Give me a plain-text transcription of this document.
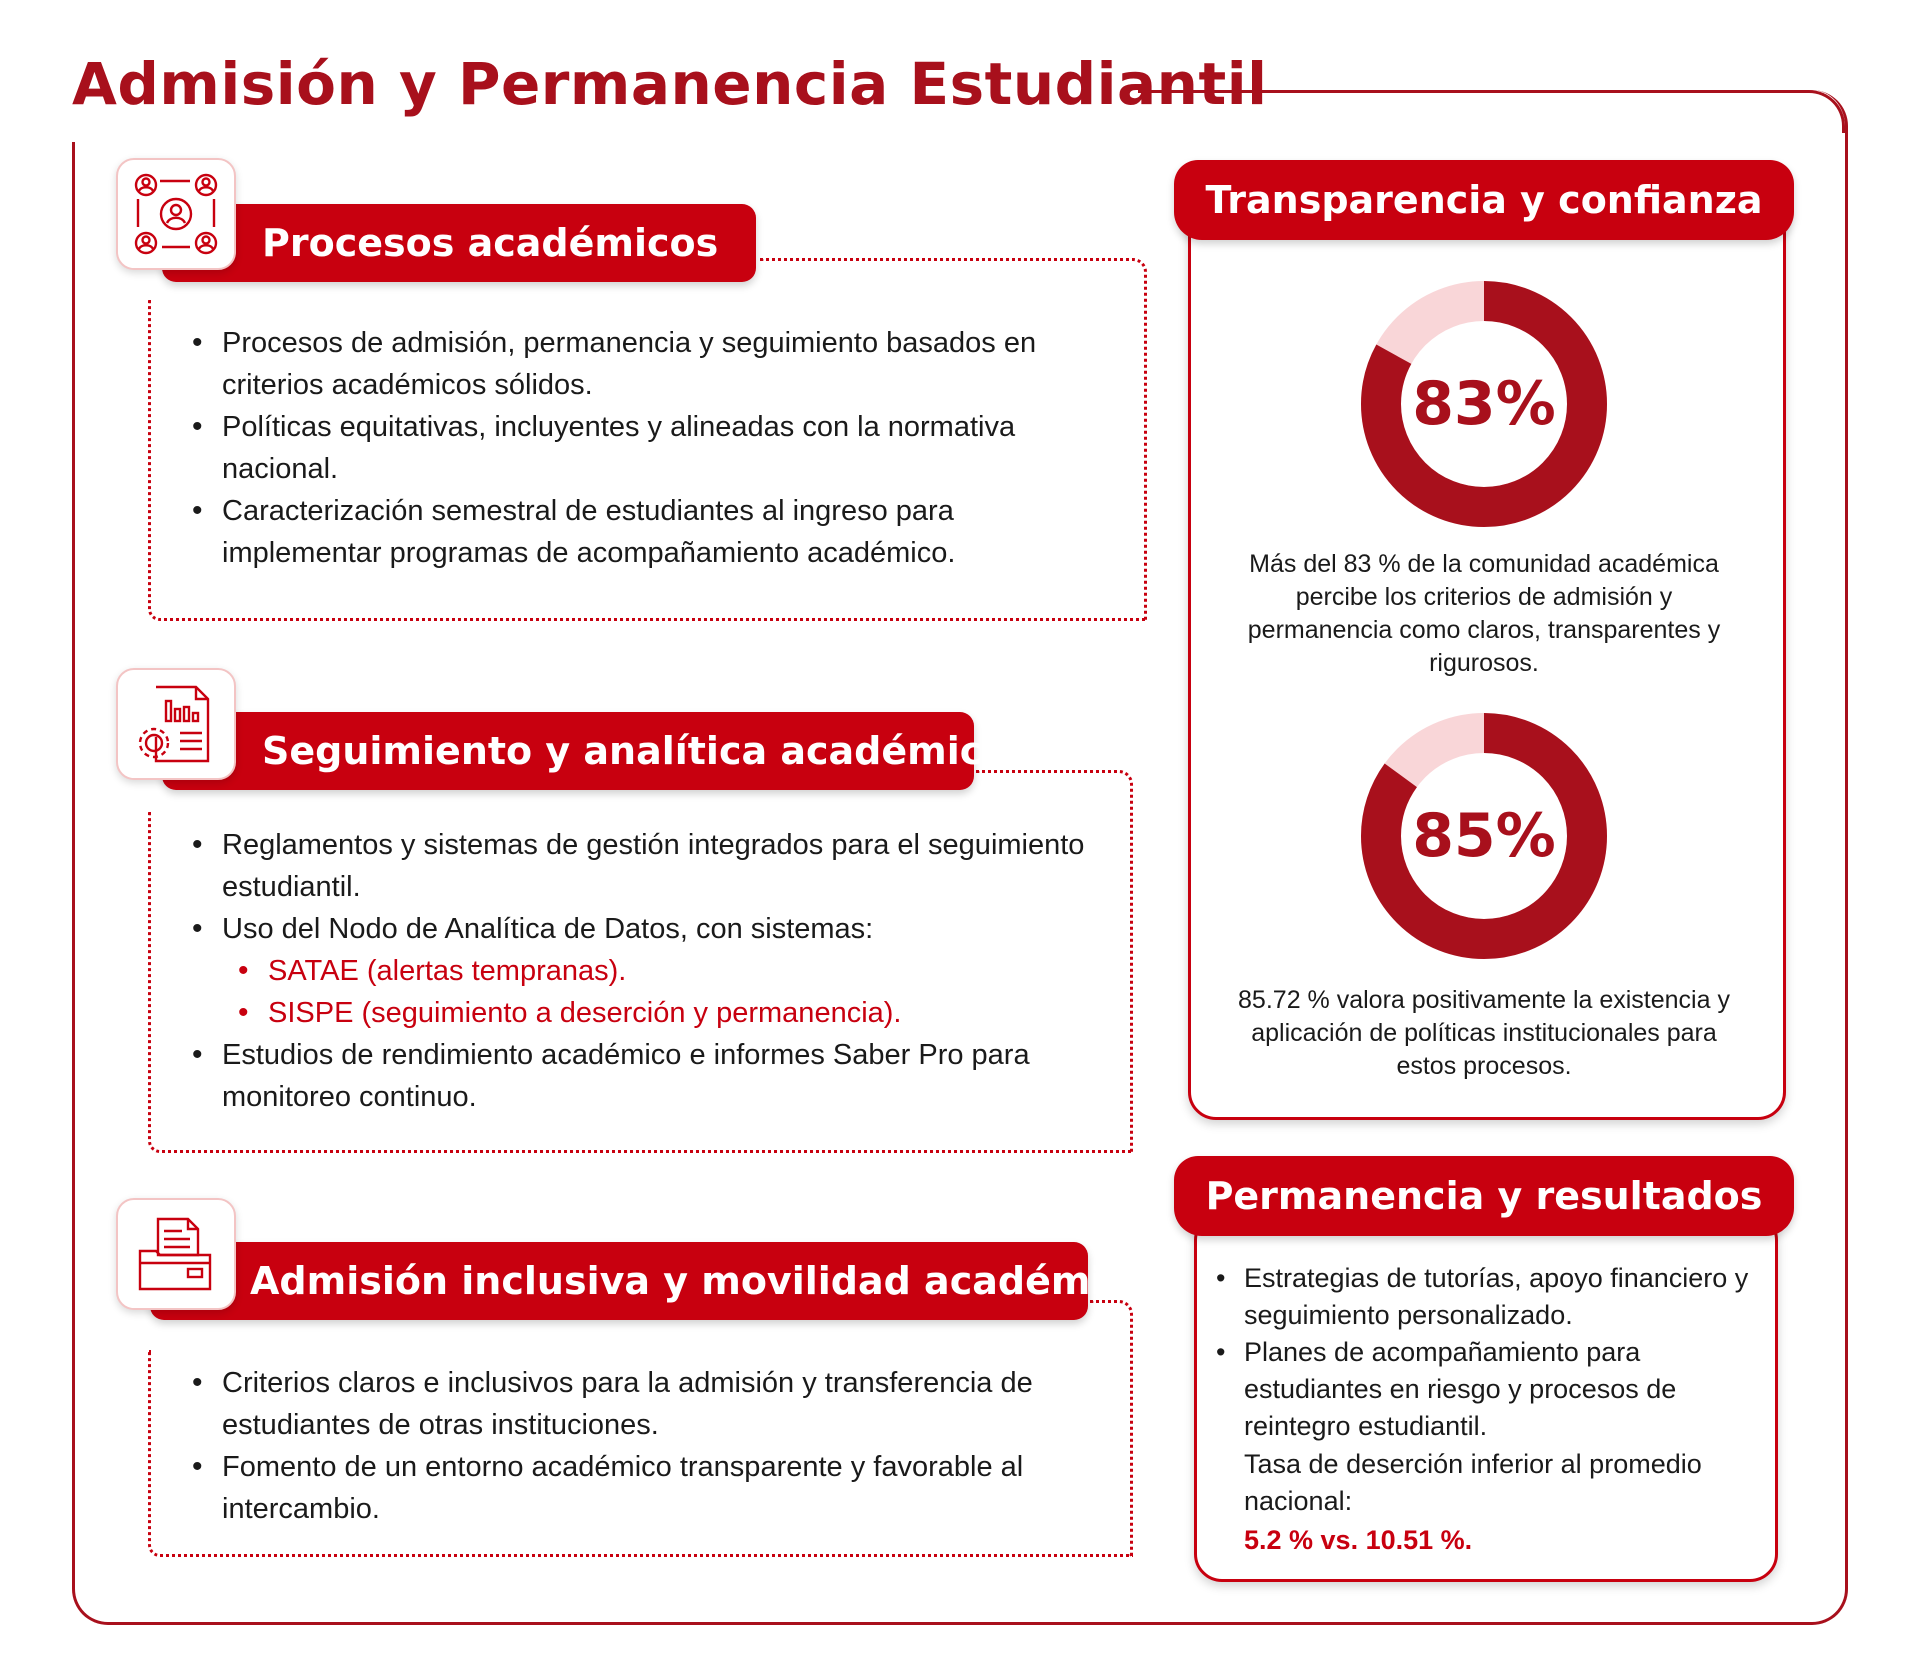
Admisión y Permanencia Estudiantil
Procesos académicos
• Procesos de admisión, permanencia y seguimiento basados en criterios académicos sólidos.
• Políticas equitativas, incluyentes y alineadas con la normativa nacional.
• Caracterización semestral de estudiantes al ingreso para implementar programas de acompañamiento académico.
Seguimiento y analítica académica
• Reglamentos y sistemas de gestión integrados para el seguimiento estudiantil.
• Uso del Nodo de Analítica de Datos, con sistemas:
• SATAE (alertas tempranas).
• SISPE (seguimiento a deserción y permanencia).
• Estudios de rendimiento académico e informes Saber Pro para monitoreo continuo.
Admisión inclusiva y movilidad académica
• Criterios claros e inclusivos para la admisión y transferencia de estudiantes de otras instituciones.
• Fomento de un entorno académico transparente y favorable al intercambio.
Transparencia y confianza
83%
Más del 83 % de la comunidad académica percibe los criterios de admisión y permanencia como claros, transparentes y rigurosos.
85%
85.72 % valora positivamente la existencia y aplicación de políticas institucionales para estos procesos.
Permanencia y resultados
• Estrategias de tutorías, apoyo financiero y seguimiento personalizado.
• Planes de acompañamiento para estudiantes en riesgo y procesos de reintegro estudiantil.
Tasa de deserción inferior al promedio nacional:
5.2 % vs. 10.51 %.
